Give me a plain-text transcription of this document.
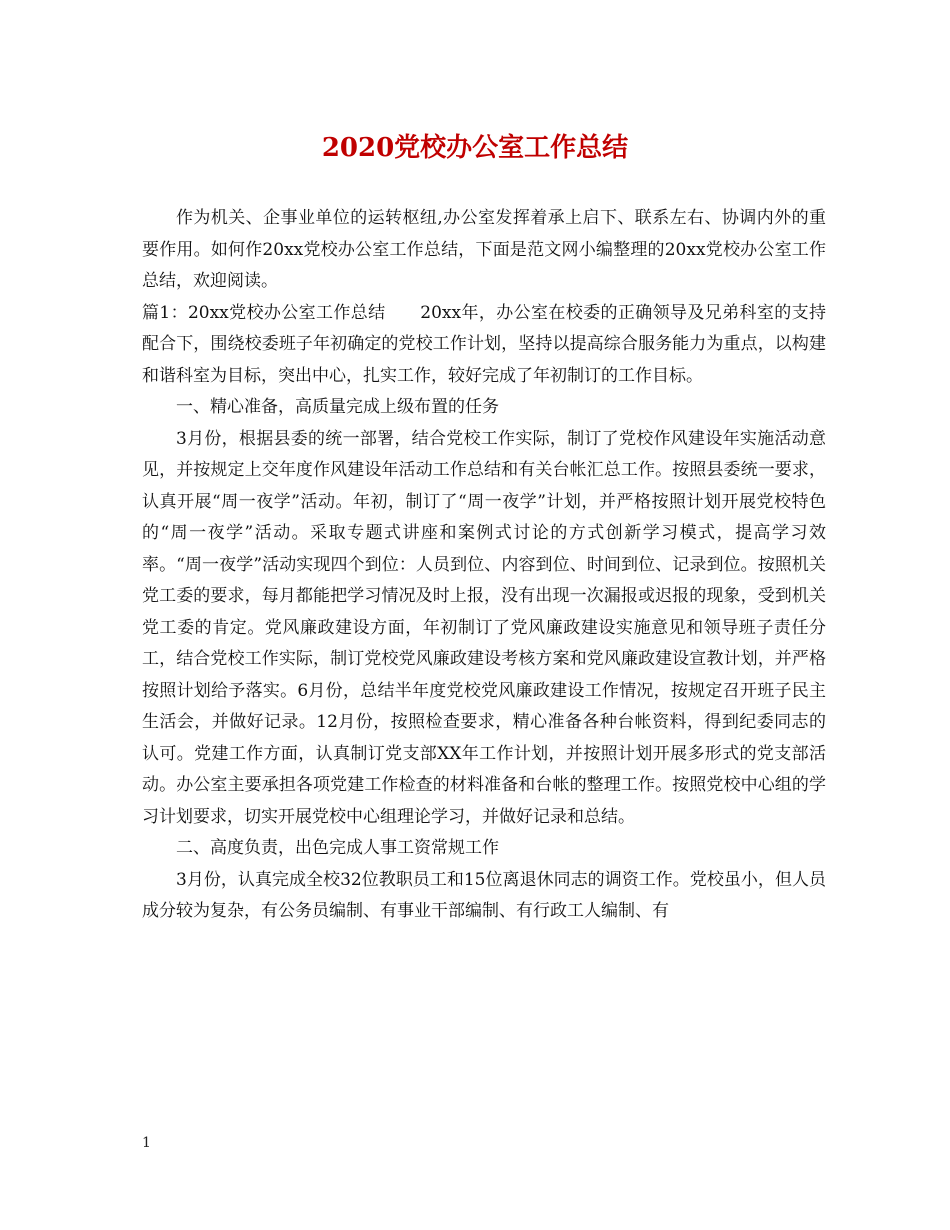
2020党校办公室工作总结

作为机关、企事业单位的运转枢纽,办公室发挥着承上启下、联系左右、协调内外的重要作用。如何作20xx党校办公室工作总结，下面是范文网小编整理的20xx党校办公室工作总结，欢迎阅读。

篇1：20xx党校办公室工作总结　　20xx年，办公室在校委的正确领导及兄弟科室的支持配合下，围绕校委班子年初确定的党校工作计划，坚持以提高综合服务能力为重点，以构建和谐科室为目标，突出中心，扎实工作，较好完成了年初制订的工作目标。

一、精心准备，高质量完成上级布置的任务

3月份，根据县委的统一部署，结合党校工作实际，制订了党校作风建设年实施活动意见，并按规定上交年度作风建设年活动工作总结和有关台帐汇总工作。按照县委统一要求，认真开展“周一夜学”活动。年初，制订了“周一夜学”计划，并严格按照计划开展党校特色的“周一夜学”活动。采取专题式讲座和案例式讨论的方式创新学习模式，提高学习效率。“周一夜学”活动实现四个到位：人员到位、内容到位、时间到位、记录到位。按照机关党工委的要求，每月都能把学习情况及时上报，没有出现一次漏报或迟报的现象，受到机关党工委的肯定。党风廉政建设方面，年初制订了党风廉政建设实施意见和领导班子责任分工，结合党校工作实际，制订党校党风廉政建设考核方案和党风廉政建设宣教计划，并严格按照计划给予落实。6月份，总结半年度党校党风廉政建设工作情况，按规定召开班子民主生活会，并做好记录。12月份，按照检查要求，精心准备各种台帐资料，得到纪委同志的认可。党建工作方面，认真制订党支部XX年工作计划，并按照计划开展多形式的党支部活动。办公室主要承担各项党建工作检查的材料准备和台帐的整理工作。按照党校中心组的学习计划要求，切实开展党校中心组理论学习，并做好记录和总结。

二、高度负责，出色完成人事工资常规工作

3月份，认真完成全校32位教职员工和15位离退休同志的调资工作。党校虽小，但人员成分较为复杂，有公务员编制、有事业干部编制、有行政工人编制、有

1
